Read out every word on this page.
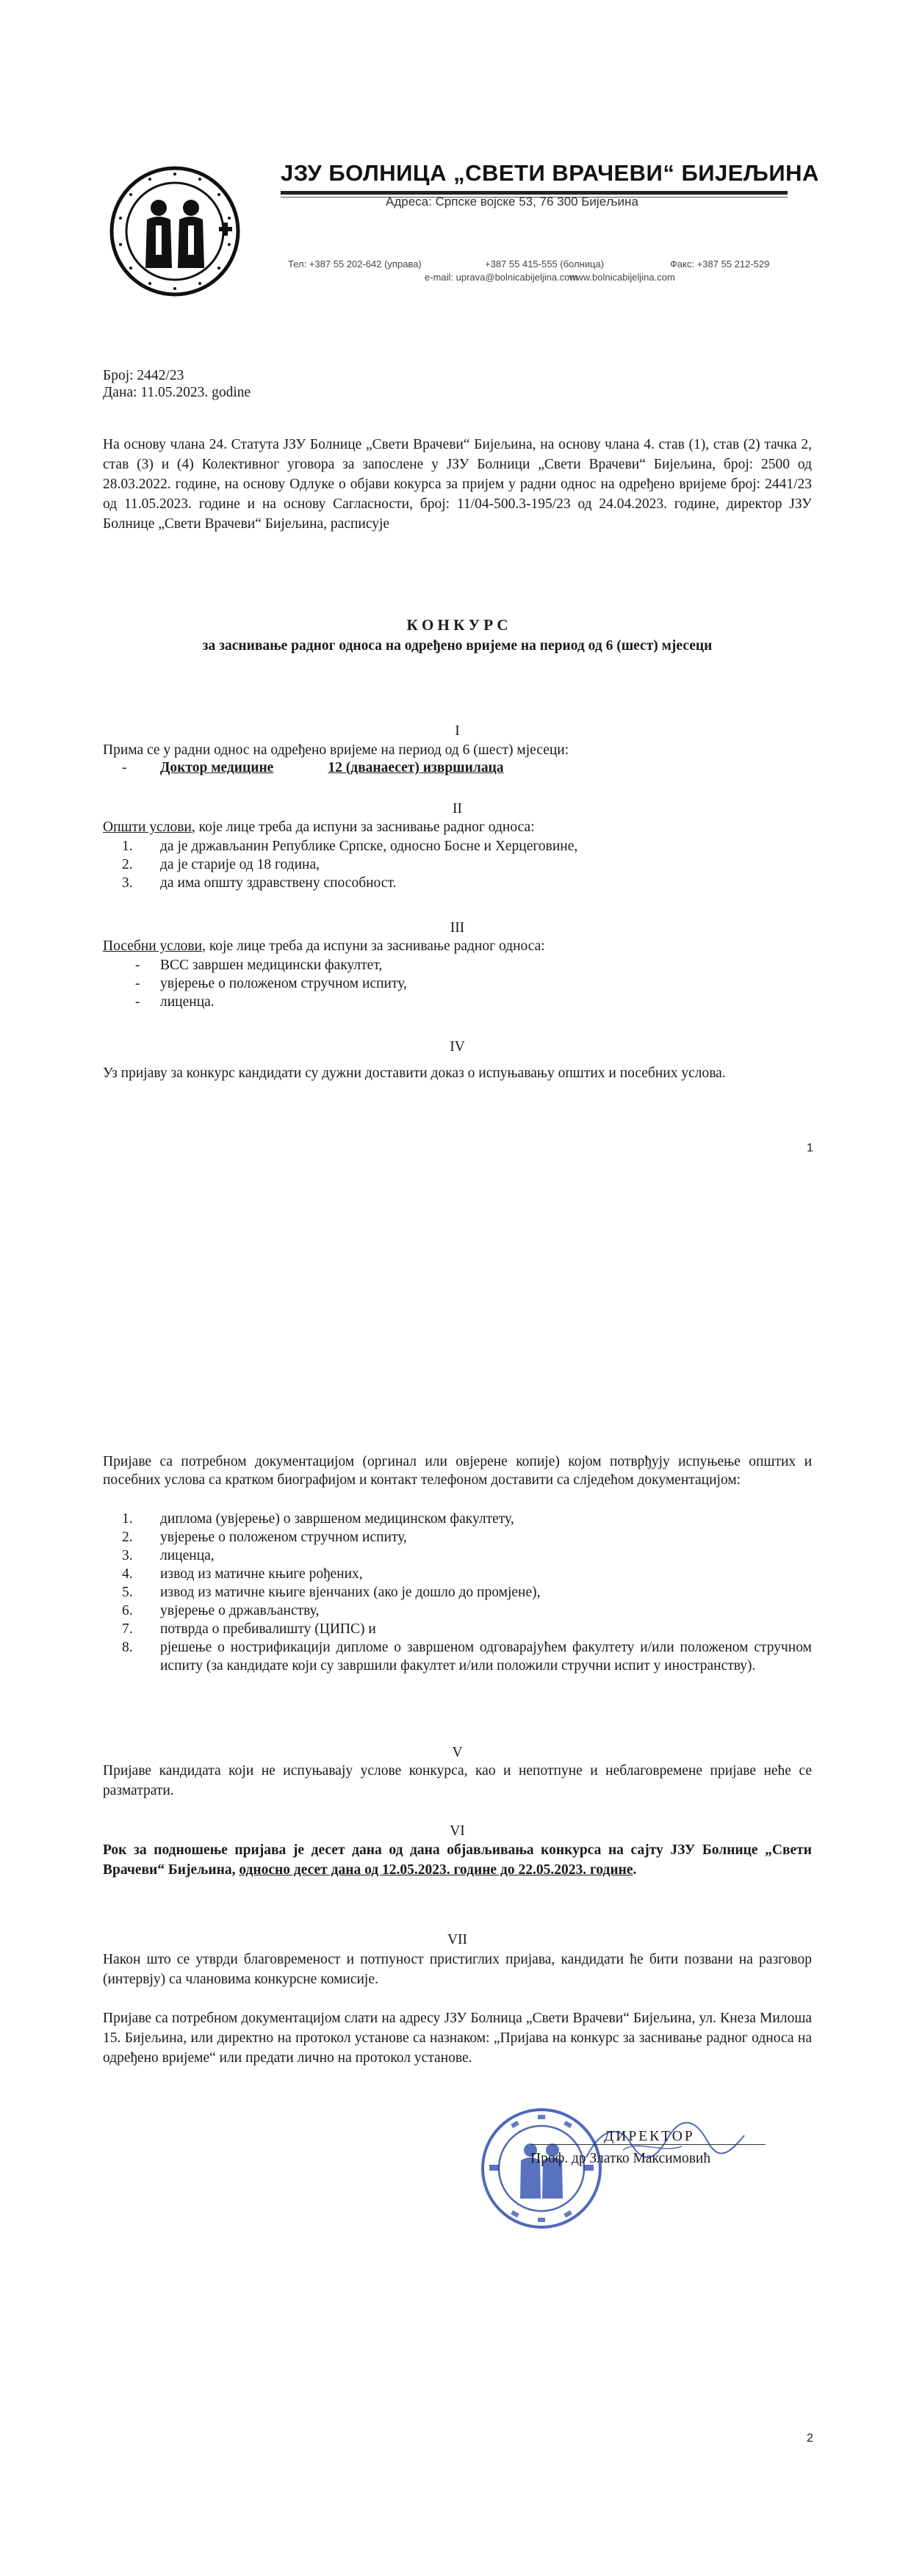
ЈЗУ БОЛНИЦА „СВЕТИ ВРАЧЕВИ“ БИЈЕЉИНА
Адреса: Српске војске 53, 76 300 Бијељина
Тел: +387 55 202-642 (управа)	+387 55 415-555 (болница)	Факс: +387 55 212-529
e-mail: uprava@bolnicabijeljina.com
www.bolnicabijeljina.com
Број: 2442/23
Дана: 11.05.2023. godine
На основу члана 24. Статута ЈЗУ Болнице „Свети Врачеви“ Бијељина, на основу члана 4. став (1), став (2) тачка 2, став (3) и (4) Колективног уговора за запослене у ЈЗУ Болници „Свети Врачеви“ Бијељина, број: 2500 од 28.03.2022. године, на основу Одлуке о објави кокурса за пријем у радни однос на одређено вријеме број: 2441/23 од 11.05.2023. године и на основу Сагласности, број: 11/04-500.3-195/23 од 24.04.2023. године, директор ЈЗУ Болнице „Свети Врачеви“ Бијељина, расписује
К О Н К У Р С
за заснивање радног односа на одређено вријеме на период од 6 (шест) мјесеци
I
Прима се у радни однос на одређено вријеме на период од 6 (шест) мјесеци:
- Доктор медицине	12 (дванаесет) извршилаца
II
Општи услови, које лице треба да испуни за заснивање радног односа:
1. да је држављанин Републике Српске, односно Босне и Херцеговине,
2. да је старије од 18 година,
3. да има општу здравствену способност.
III
Посебни услови, које лице треба да испуни за заснивање радног односа:
- ВСС завршен медицински факултет,
- увјерење о положеном стручном испиту,
- лиценца.
IV
Уз пријаву за конкурс кандидати су дужни доставити доказ о испуњавању општих и посебних услова.
1
Пријаве са потребном документацијом (оргинал или овјерене копије) којом потврђују испуњење општих и посебних услова са кратком биографијом и контакт телефоном доставити са слједећом документацијом:
1. диплома (увјерење) о завршеном медицинском факултету,
2. увјерење о положеном стручном испиту,
3. лиценца,
4. извод из матичне књиге рођених,
5. извод из матичне књиге вјенчаних (ако је дошло до промјене),
6. увјерење о држављанству,
7. потврда о пребивалишту (ЦИПС) и
8. рјешење о нострификацији дипломе о завршеном одговарајућем факултету и/или положеном стручном испиту (за кандидате који су завршили факултет и/или положили стручни испит у иностранству).
V
Пријаве кандидата који не испуњавају услове конкурса, као и непотпуне и неблаговремене пријаве неће се разматрати.
VI
Рок за подношење пријава је десет дана од дана објављивања конкурса на сајту ЈЗУ Болнице „Свети Врачеви“ Бијељина, односно десет дана од 12.05.2023. године до 22.05.2023. године.
VII
Након што се утврди благовременост и потпуност пристиглих пријава, кандидати ће бити позвани на разговор (интервју) са члановима конкурсне комисије.
Пријаве са потребном документацијом слати на адресу ЈЗУ Болница „Свети Врачеви“ Бијељина, ул. Кнеза Милоша 15. Бијељина, или директно на протокол установе са назнаком: „Пријава на конкурс за заснивање радног односа на одређено вријеме“ или предати лично на протокол установе.
ДИРЕКТОР
Проф. др Златко Максимовић
2
